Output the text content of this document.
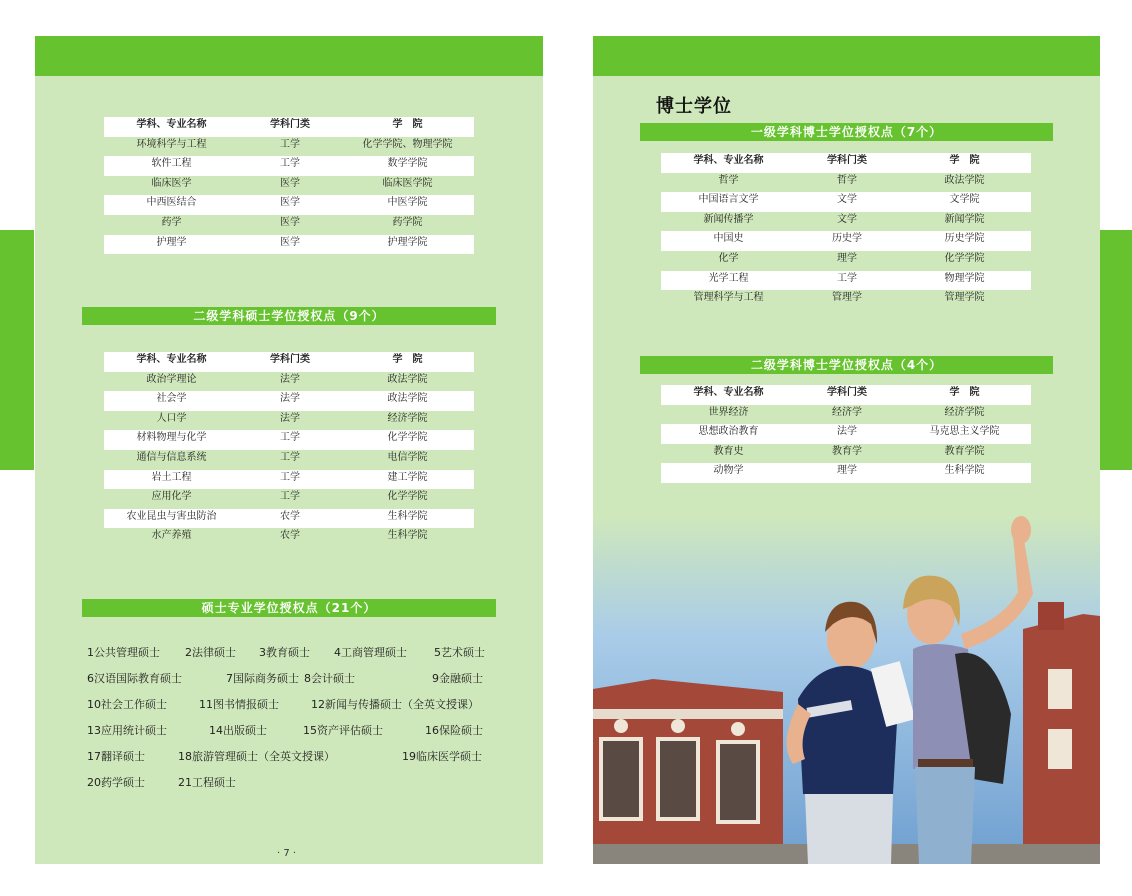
学科、专业名称	学科门类	学　院
环境科学与工程	工学	化学学院、物理学院
软件工程	工学	数学学院
临床医学	医学	临床医学院
中西医结合	医学	中医学院
药学	医学	药学院
护理学	医学	护理学院
二级学科硕士学位授权点（9个）
学科、专业名称	学科门类	学　院
政治学理论	法学	政法学院
社会学	法学	政法学院
人口学	法学	经济学院
材料物理与化学	工学	化学学院
通信与信息系统	工学	电信学院
岩土工程	工学	建工学院
应用化学	工学	化学学院
农业昆虫与害虫防治	农学	生科学院
水产养殖	农学	生科学院
硕士专业学位授权点（21个）
1公共管理硕士 2法律硕士 3教育硕士 4工商管理硕士 5艺术硕士
6汉语国际教育硕士	7国际商务硕士 8会计硕士	9金融硕士
10社会工作硕士	11图书情报硕士	12新闻与传播硕士（全英文授课）
13应用统计硕士	14出版硕士	15资产评估硕士	16保险硕士
17翻译硕士	18旅游管理硕士（全英文授课）	19临床医学硕士
20药学硕士	21工程硕士
· 7 ·
博士学位
一级学科博士学位授权点（7个）
学科、专业名称	学科门类	学　院
哲学	哲学	政法学院
中国语言文学	文学	文学院
新闻传播学	文学	新闻学院
中国史	历史学	历史学院
化学	理学	化学学院
光学工程	工学	物理学院
管理科学与工程	管理学	管理学院
二级学科博士学位授权点（4个）
学科、专业名称	学科门类	学　院
世界经济	经济学	经济学院
思想政治教育	法学	马克思主义学院
教育史	教育学	教育学院
动物学	理学	生科学院
